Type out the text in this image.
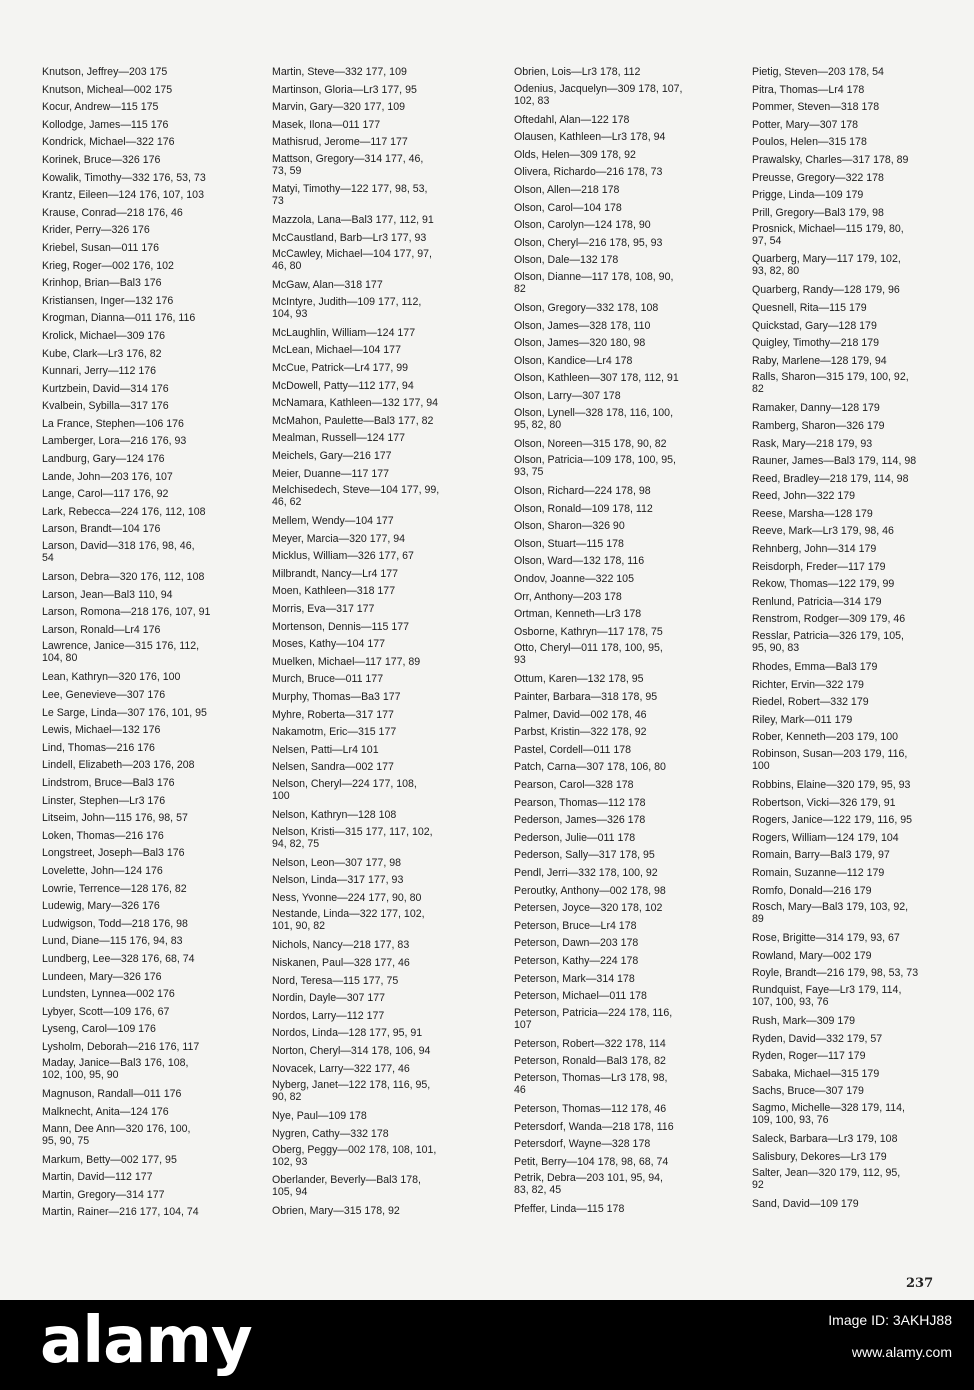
Knutson, Jeffrey—203 175
Knutson, Micheal—002 175
Kocur, Andrew—115 175
Kollodge, James—115 176
Kondrick, Michael—322 176
Korinek, Bruce—326 176
Kowalik, Timothy—332 176, 53, 73
Krantz, Eileen—124 176, 107, 103
Krause, Conrad—218 176, 46
Krider, Perry—326 176
Kriebel, Susan—011 176
Krieg, Roger—002 176, 102
Krinhop, Brian—Bal3 176
Kristiansen, Inger—132 176
Krogman, Dianna—011 176, 116
Krolick, Michael—309 176
Kube, Clark—Lr3 176, 82
Kunnari, Jerry—112 176
Kurtzbein, David—314 176
Kvalbein, Sybilla—317 176
La France, Stephen—106 176
Lamberger, Lora—216 176, 93
Landburg, Gary—124 176
Lande, John—203 176, 107
Lange, Carol—117 176, 92
Lark, Rebecca—224 176, 112, 108
Larson, Brandt—104 176
Larson, David—318 176, 98, 46,
54
Larson, Debra—320 176, 112, 108
Larson, Jean—Bal3 110, 94
Larson, Romona—218 176, 107, 91
Larson, Ronald—Lr4 176
Lawrence, Janice—315 176, 112,
104, 80
Lean, Kathryn—320 176, 100
Lee, Genevieve—307 176
Le Sarge, Linda—307 176, 101, 95
Lewis, Michael—132 176
Lind, Thomas—216 176
Lindell, Elizabeth—203 176, 208
Lindstrom, Bruce—Bal3 176
Linster, Stephen—Lr3 176
Litseim, John—115 176, 98, 57
Loken, Thomas—216 176
Longstreet, Joseph—Bal3 176
Lovelette, John—124 176
Lowrie, Terrence—128 176, 82
Ludewig, Mary—326 176
Ludwigson, Todd—218 176, 98
Lund, Diane—115 176, 94, 83
Lundberg, Lee—328 176, 68, 74
Lundeen, Mary—326 176
Lundsten, Lynnea—002 176
Lybyer, Scott—109 176, 67
Lyseng, Carol—109 176
Lysholm, Deborah—216 176, 117
Maday, Janice—Bal3 176, 108,
102, 100, 95, 90
Magnuson, Randall—011 176
Malknecht, Anita—124 176
Mann, Dee Ann—320 176, 100,
95, 90, 75
Markum, Betty—002 177, 95
Martin, David—112 177
Martin, Gregory—314 177
Martin, Rainer—216 177, 104, 74
Martin, Steve—332 177, 109
Martinson, Gloria—Lr3 177, 95
Marvin, Gary—320 177, 109
Masek, Ilona—011 177
Mathisrud, Jerome—117 177
Mattson, Gregory—314 177, 46,
73, 59
Matyi, Timothy—122 177, 98, 53,
73
Mazzola, Lana—Bal3 177, 112, 91
McCaustland, Barb—Lr3 177, 93
McCawley, Michael—104 177, 97,
46, 80
McGaw, Alan—318 177
McIntyre, Judith—109 177, 112,
104, 93
McLaughlin, William—124 177
McLean, Michael—104 177
McCue, Patrick—Lr4 177, 99
McDowell, Patty—112 177, 94
McNamara, Kathleen—132 177, 94
McMahon, Paulette—Bal3 177, 82
Mealman, Russell—124 177
Meichels, Gary—216 177
Meier, Duanne—117 177
Melchisedech, Steve—104 177, 99,
46, 62
Mellem, Wendy—104 177
Meyer, Marcia—320 177, 94
Micklus, William—326 177, 67
Milbrandt, Nancy—Lr4 177
Moen, Kathleen—318 177
Morris, Eva—317 177
Mortenson, Dennis—115 177
Moses, Kathy—104 177
Muelken, Michael—117 177, 89
Murch, Bruce—011 177
Murphy, Thomas—Ba3 177
Myhre, Roberta—317 177
Nakamotm, Eric—315 177
Nelsen, Patti—Lr4 101
Nelsen, Sandra—002 177
Nelson, Cheryl—224 177, 108,
100
Nelson, Kathryn—128 108
Nelson, Kristi—315 177, 117, 102,
94, 82, 75
Nelson, Leon—307 177, 98
Nelson, Linda—317 177, 93
Ness, Yvonne—224 177, 90, 80
Nestande, Linda—322 177, 102,
101, 90, 82
Nichols, Nancy—218 177, 83
Niskanen, Paul—328 177, 46
Nord, Teresa—115 177, 75
Nordin, Dayle—307 177
Nordos, Larry—112 177
Nordos, Linda—128 177, 95, 91
Norton, Cheryl—314 178, 106, 94
Novacek, Larry—322 177, 46
Nyberg, Janet—122 178, 116, 95,
90, 82
Nye, Paul—109 178
Nygren, Cathy—332 178
Oberg, Peggy—002 178, 108, 101,
102, 93
Oberlander, Beverly—Bal3 178,
105, 94
Obrien, Mary—315 178, 92
Obrien, Lois—Lr3 178, 112
Odenius, Jacquelyn—309 178, 107,
102, 83
Oftedahl, Alan—122 178
Olausen, Kathleen—Lr3 178, 94
Olds, Helen—309 178, 92
Olivera, Richardo—216 178, 73
Olson, Allen—218 178
Olson, Carol—104 178
Olson, Carolyn—124 178, 90
Olson, Cheryl—216 178, 95, 93
Olson, Dale—132 178
Olson, Dianne—117 178, 108, 90,
82
Olson, Gregory—332 178, 108
Olson, James—328 178, 110
Olson, James—320 180, 98
Olson, Kandice—Lr4 178
Olson, Kathleen—307 178, 112, 91
Olson, Larry—307 178
Olson, Lynell—328 178, 116, 100,
95, 82, 80
Olson, Noreen—315 178, 90, 82
Olson, Patricia—109 178, 100, 95,
93, 75
Olson, Richard—224 178, 98
Olson, Ronald—109 178, 112
Olson, Sharon—326 90
Olson, Stuart—115 178
Olson, Ward—132 178, 116
Ondov, Joanne—322 105
Orr, Anthony—203 178
Ortman, Kenneth—Lr3 178
Osborne, Kathryn—117 178, 75
Otto, Cheryl—011 178, 100, 95,
93
Ottum, Karen—132 178, 95
Painter, Barbara—318 178, 95
Palmer, David—002 178, 46
Parbst, Kristin—322 178, 92
Pastel, Cordell—011 178
Patch, Carna—307 178, 106, 80
Pearson, Carol—328 178
Pearson, Thomas—112 178
Pederson, James—326 178
Pederson, Julie—011 178
Pederson, Sally—317 178, 95
Pendl, Jerri—332 178, 100, 92
Peroutky, Anthony—002 178, 98
Petersen, Joyce—320 178, 102
Peterson, Bruce—Lr4 178
Peterson, Dawn—203 178
Peterson, Kathy—224 178
Peterson, Mark—314 178
Peterson, Michael—011 178
Peterson, Patricia—224 178, 116,
107
Peterson, Robert—322 178, 114
Peterson, Ronald—Bal3 178, 82
Peterson, Thomas—Lr3 178, 98,
46
Peterson, Thomas—112 178, 46
Petersdorf, Wanda—218 178, 116
Petersdorf, Wayne—328 178
Petit, Berry—104 178, 98, 68, 74
Petrik, Debra—203 101, 95, 94,
83, 82, 45
Pfeffer, Linda—115 178
Pietig, Steven—203 178, 54
Pitra, Thomas—Lr4 178
Pommer, Steven—318 178
Potter, Mary—307 178
Poulos, Helen—315 178
Prawalsky, Charles—317 178, 89
Preusse, Gregory—322 178
Prigge, Linda—109 179
Prill, Gregory—Bal3 179, 98
Prosnick, Michael—115 179, 80,
97, 54
Quarberg, Mary—117 179, 102,
93, 82, 80
Quarberg, Randy—128 179, 96
Quesnell, Rita—115 179
Quickstad, Gary—128 179
Quigley, Timothy—218 179
Raby, Marlene—128 179, 94
Ralls, Sharon—315 179, 100, 92,
82
Ramaker, Danny—128 179
Ramberg, Sharon—326 179
Rask, Mary—218 179, 93
Rauner, James—Bal3 179, 114, 98
Reed, Bradley—218 179, 114, 98
Reed, John—322 179
Reese, Marsha—128 179
Reeve, Mark—Lr3 179, 98, 46
Rehnberg, John—314 179
Reisdorph, Freder—117 179
Rekow, Thomas—122 179, 99
Renlund, Patricia—314 179
Renstrom, Rodger—309 179, 46
Resslar, Patricia—326 179, 105,
95, 90, 83
Rhodes, Emma—Bal3 179
Richter, Ervin—322 179
Riedel, Robert—332 179
Riley, Mark—011 179
Rober, Kenneth—203 179, 100
Robinson, Susan—203 179, 116,
100
Robbins, Elaine—320 179, 95, 93
Robertson, Vicki—326 179, 91
Rogers, Janice—122 179, 116, 95
Rogers, William—124 179, 104
Romain, Barry—Bal3 179, 97
Romain, Suzanne—112 179
Romfo, Donald—216 179
Rosch, Mary—Bal3 179, 103, 92,
89
Rose, Brigitte—314 179, 93, 67
Rowland, Mary—002 179
Royle, Brandt—216 179, 98, 53, 73
Rundquist, Faye—Lr3 179, 114,
107, 100, 93, 76
Rush, Mark—309 179
Ryden, David—332 179, 57
Ryden, Roger—117 179
Sabaka, Michael—315 179
Sachs, Bruce—307 179
Sagmo, Michelle—328 179, 114,
109, 100, 93, 76
Saleck, Barbara—Lr3 179, 108
Salisbury, Dekores—Lr3 179
Salter, Jean—320 179, 112, 95,
92
Sand, David—109 179
237
alamy	Image ID: 3AKHJ88
www.alamy.com
